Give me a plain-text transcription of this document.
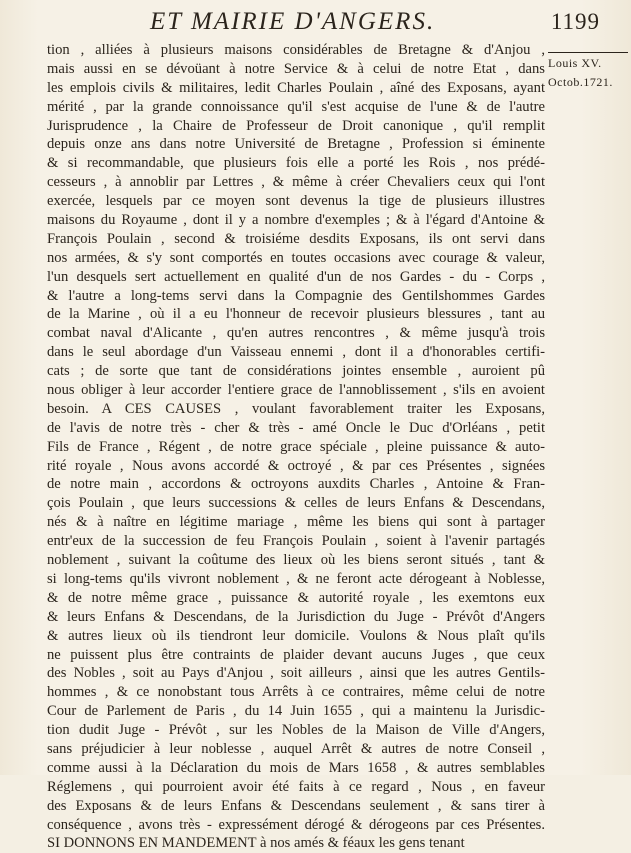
ET MAIRIE D'ANGERS.	1199
Louis XV.
Octob.1721.
tion , alliées à plusieurs maisons considérables de Bretagne & d'Anjou ,
mais aussi en se dévoüant à notre Service & à celui de notre Etat , dans
les emplois civils & militaires, ledit Charles Poulain , aîné des Exposans, ayant
mérité , par la grande connoissance qu'il s'est acquise de l'une & de l'autre
Jurisprudence , la Chaire de Professeur de Droit canonique , qu'il remplit
depuis onze ans dans notre Université de Bretagne , Profession si éminente
& si recommandable, que plusieurs fois elle a porté les Rois , nos prédé-
cesseurs , à annoblir par Lettres , & même à créer Chevaliers ceux qui l'ont
exercée, lesquels par ce moyen sont devenus la tige de plusieurs illustres
maisons du Royaume , dont il y a nombre d'exemples ; & à l'égard d'Antoine &
François Poulain , second & troisiéme desdits Exposans, ils ont servi dans
nos armées, & s'y sont comportés en toutes occasions avec courage & valeur,
l'un desquels sert actuellement en qualité d'un de nos Gardes - du - Corps ,
& l'autre a long-tems servi dans la Compagnie des Gentilshommes Gardes
de la Marine , où il a eu l'honneur de recevoir plusieurs blessures , tant au
combat naval d'Alicante , qu'en autres rencontres , & même jusqu'à trois
dans le seul abordage d'un Vaisseau ennemi , dont il a d'honorables certifi-
cats ; de sorte que tant de considérations jointes ensemble , auroient pû
nous obliger à leur accorder l'entiere grace de l'annoblissement , s'ils en avoient
besoin. A CES CAUSES , voulant favorablement traiter les Exposans,
de l'avis de notre très - cher & très - amé Oncle le Duc d'Orléans , petit
Fils de France , Régent , de notre grace spéciale , pleine puissance & auto-
rité royale , Nous avons accordé & octroyé , & par ces Présentes , signées
de notre main , accordons & octroyons auxdits Charles , Antoine & Fran-
çois Poulain , que leurs successions & celles de leurs Enfans & Descendans,
nés & à naître en légitime mariage , même les biens qui sont à partager
entr'eux de la succession de feu François Poulain , soient à l'avenir partagés
noblement , suivant la coûtume des lieux où les biens seront situés , tant &
si long-tems qu'ils vivront noblement , & ne feront acte dérogeant à Noblesse,
& de notre même grace , puissance & autorité royale , les exemtons eux
& leurs Enfans & Descendans, de la Jurisdiction du Juge - Prévôt d'Angers
& autres lieux où ils tiendront leur domicile. Voulons & Nous plaît qu'ils
ne puissent plus être contraints de plaider devant aucuns Juges , que ceux
des Nobles , soit au Pays d'Anjou , soit ailleurs , ainsi que les autres Gentils-
hommes , & ce nonobstant tous Arrêts à ce contraires, même celui de notre
Cour de Parlement de Paris , du 14 Juin 1655 , qui a maintenu la Jurisdic-
tion dudit Juge - Prévôt , sur les Nobles de la Maison de Ville d'Angers,
sans préjudicier à leur noblesse , auquel Arrêt & autres de notre Conseil ,
comme aussi à la Déclaration du mois de Mars 1658 , & autres semblables
Réglemens , qui pourroient avoir été faits à ce regard , Nous , en faveur
des Exposans & de leurs Enfans & Descendans seulement , & sans tirer à
conséquence , avons très - expressément dérogé & dérogeons par ces Présentes.
SI DONNONS EN MANDEMENT à nos amés & féaux les gens tenant
